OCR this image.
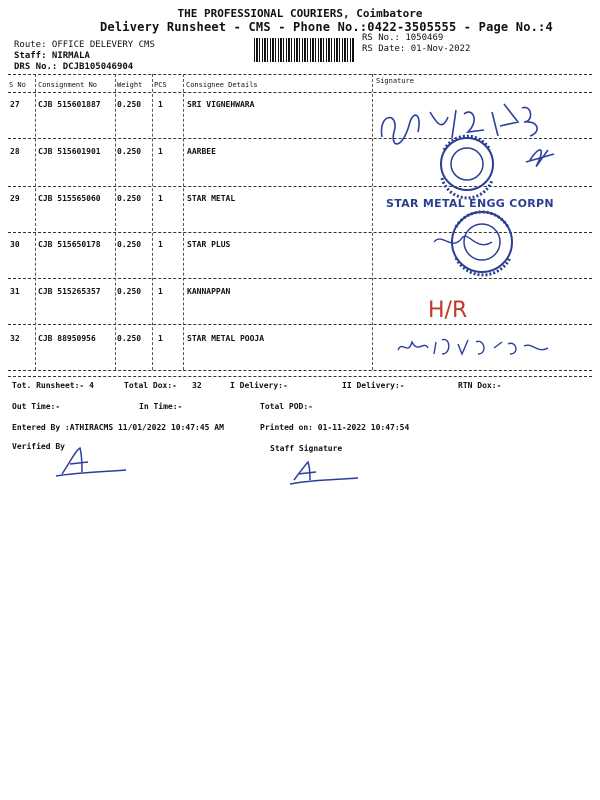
THE PROFESSIONAL COURIERS, Coimbatore
Delivery Runsheet - CMS - Phone No.:0422-3505555 - Page No.:4
Route: OFFICE DELEVERY CMS
Staff: NIRMALA
DRS No.: DCJB105046904
RS No.: 1050469
RS Date: 01-Nov-2022
S No Consignment No	Weight PCS	Consignee Details	Signature
27 CJB 515601887 0.250 1	SRI VIGNEHWARA
28 CJB 515601901 0.250 1	AARBEE
29 CJB 515565060 0.250 1	STAR METAL
30 CJB 515650178 0.250 1	STAR PLUS
31 CJB 515265357 0.250 1	KANNAPPAN
32 CJB 88950956	0.250 1	STAR METAL POOJA
STAR METAL ENGG CORPN
H/R
Tot. Runsheet:- 4	Total Dox:- 32	I Delivery:-	II Delivery:-	RTN Dox:-
Out Time:-	In Time:-	Total POD:-
Entered By :ATHIRACMS 11/01/2022 10:47:45 AM	Printed on: 01-11-2022 10:47:54
Verified By	Staff Signature
